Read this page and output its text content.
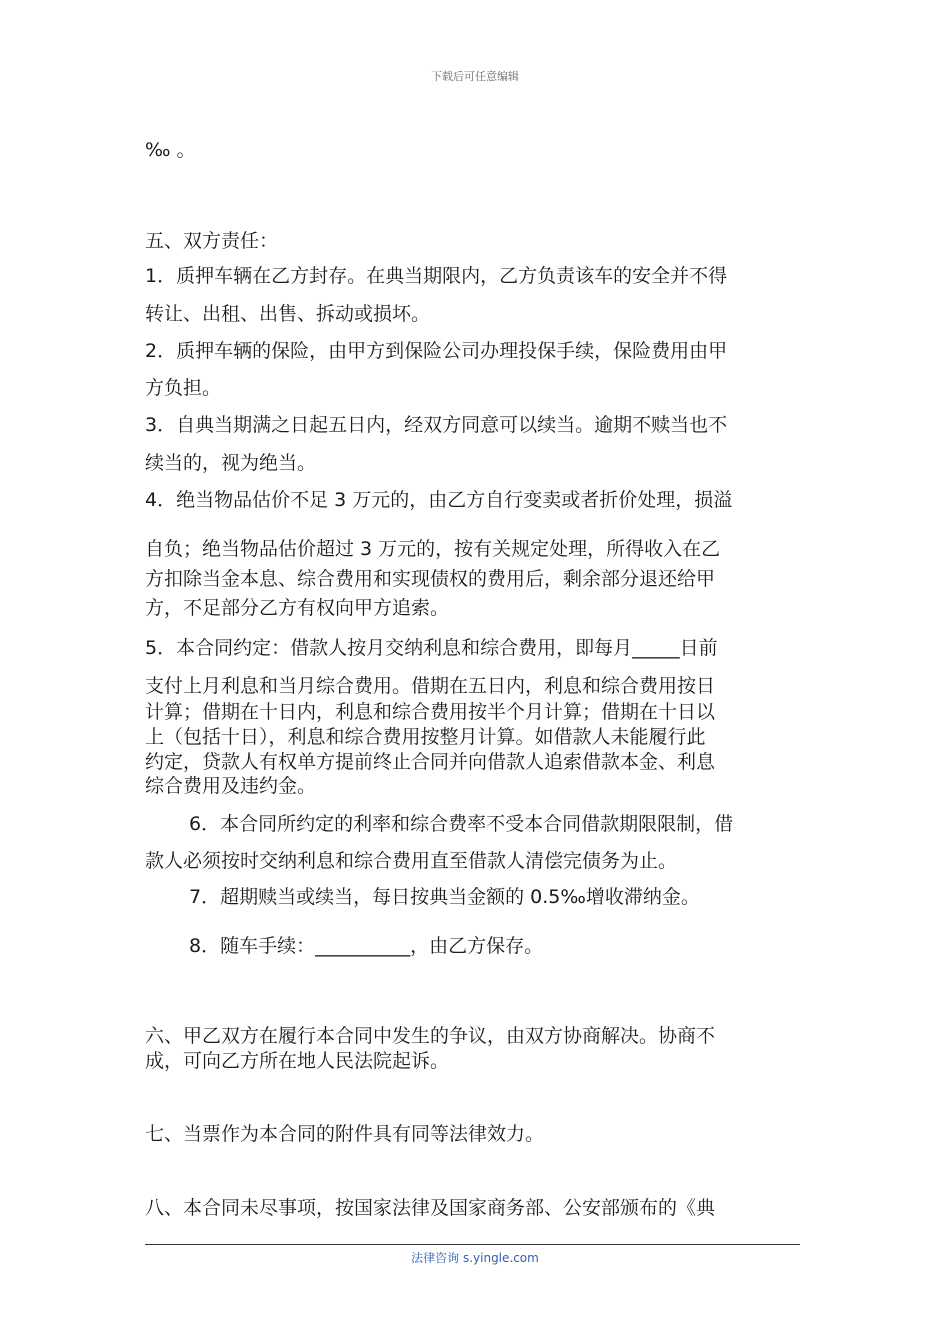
下载后可任意编辑
‰ 。
五、双方责任：
1．质押车辆在乙方封存。在典当期限内，乙方负责该车的安全并不得
转让、出租、出售、拆动或损坏。
2．质押车辆的保险，由甲方到保险公司办理投保手续，保险费用由甲
方负担。
3．自典当期满之日起五日内，经双方同意可以续当。逾期不赎当也不
续当的，视为绝当。
4．绝当物品估价不足 3 万元的，由乙方自行变卖或者折价处理，损溢
自负；绝当物品估价超过 3 万元的，按有关规定处理，所得收入在乙
方扣除当金本息、综合费用和实现债权的费用后，剩余部分退还给甲
方，不足部分乙方有权向甲方追索。
5．本合同约定：借款人按月交纳利息和综合费用，即每月_____日前
支付上月利息和当月综合费用。借期在五日内，利息和综合费用按日
计算；借期在十日内，利息和综合费用按半个月计算；借期在十日以
上（包括十日），利息和综合费用按整月计算。如借款人未能履行此
约定，贷款人有权单方提前终止合同并向借款人追索借款本金、利息
综合费用及违约金。
6．本合同所约定的利率和综合费率不受本合同借款期限限制，借
款人必须按时交纳利息和综合费用直至借款人清偿完债务为止。
7．超期赎当或续当，每日按典当金额的 0.5‰增收滞纳金。
8．随车手续：__________，由乙方保存。
六、甲乙双方在履行本合同中发生的争议，由双方协商解决。协商不
成，可向乙方所在地人民法院起诉。
七、当票作为本合同的附件具有同等法律效力。
八、本合同未尽事项，按国家法律及国家商务部、公安部颁布的《典
法律咨询 s.yingle.com
